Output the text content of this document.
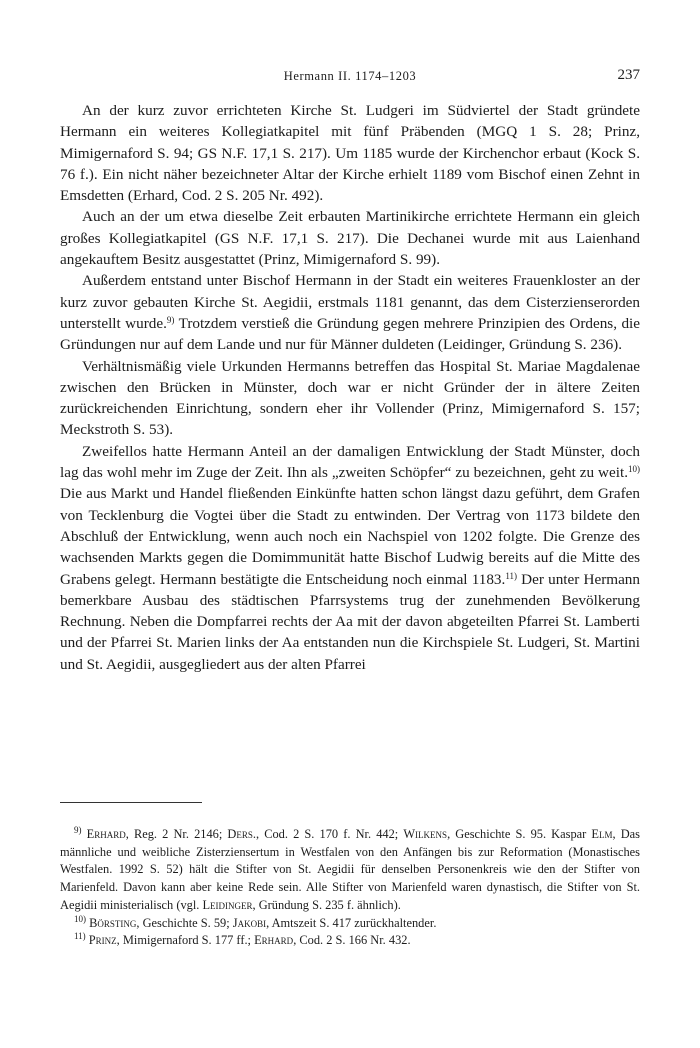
Hermann II. 1174–1203	237

An der kurz zuvor errichteten Kirche St. Ludgeri im Südviertel der Stadt gründete Hermann ein weiteres Kollegiatkapitel mit fünf Präbenden (MGQ 1 S. 28; Prinz, Mimigernaford S. 94; GS N.F. 17,1 S. 217). Um 1185 wurde der Kirchenchor erbaut (Kock S. 76 f.). Ein nicht näher bezeichneter Altar der Kirche erhielt 1189 vom Bischof einen Zehnt in Emsdetten (Erhard, Cod. 2 S. 205 Nr. 492).

Auch an der um etwa dieselbe Zeit erbauten Martinikirche errichtete Hermann ein gleich großes Kollegiatkapitel (GS N.F. 17,1 S. 217). Die Dechanei wurde mit aus Laienhand angekauftem Besitz ausgestattet (Prinz, Mimigernaford S. 99).

Außerdem entstand unter Bischof Hermann in der Stadt ein weiteres Frauenkloster an der kurz zuvor gebauten Kirche St. Aegidii, erstmals 1181 genannt, das dem Cisterzienserorden unterstellt wurde.$^{9)}$ Trotzdem verstieß die Gründung gegen mehrere Prinzipien des Ordens, die Gründungen nur auf dem Lande und nur für Männer duldeten (Leidinger, Gründung S. 236).

Verhältnismäßig viele Urkunden Hermanns betreffen das Hospital St. Mariae Magdalenae zwischen den Brücken in Münster, doch war er nicht Gründer der in ältere Zeiten zurückreichenden Einrichtung, sondern eher ihr Vollender (Prinz, Mimigernaford S. 157; Meckstroth S. 53).

Zweifellos hatte Hermann Anteil an der damaligen Entwicklung der Stadt Münster, doch lag das wohl mehr im Zuge der Zeit. Ihn als „zweiten Schöpfer“ zu bezeichnen, geht zu weit.$^{10)}$ Die aus Markt und Handel fließenden Einkünfte hatten schon längst dazu geführt, dem Grafen von Tecklenburg die Vogtei über die Stadt zu entwinden. Der Vertrag von 1173 bildete den Abschluß der Entwicklung, wenn auch noch ein Nachspiel von 1202 folgte. Die Grenze des wachsenden Markts gegen die Domimmunität hatte Bischof Ludwig bereits auf die Mitte des Grabens gelegt. Hermann bestätigte die Entscheidung noch einmal 1183.$^{11)}$ Der unter Hermann bemerkbare Ausbau des städtischen Pfarrsystems trug der zunehmenden Bevölkerung Rechnung. Neben die Dompfarrei rechts der Aa mit der davon abgeteilten Pfarrei St. Lamberti und der Pfarrei St. Marien links der Aa entstanden nun die Kirchspiele St. Ludgeri, St. Martini und St. Aegidii, ausgegliedert aus der alten Pfarrei

$^{9)}$ Erhard, Reg. 2 Nr. 2146; Ders., Cod. 2 S. 170 f. Nr. 442; Wilkens, Geschichte S. 95. Kaspar Elm, Das männliche und weibliche Zisterziensertum in Westfalen von den Anfängen bis zur Reformation (Monastisches Westfalen. 1992 S. 52) hält die Stifter von St. Aegidii für denselben Personenkreis wie den der Stifter von Marienfeld. Davon kann aber keine Rede sein. Alle Stifter von Marienfeld waren dynastisch, die Stifter von St. Aegidii ministerialisch (vgl. Leidinger, Gründung S. 235 f. ähnlich).

$^{10)}$ Börsting, Geschichte S. 59; Jakobi, Amtszeit S. 417 zurückhaltender.

$^{11)}$ Prinz, Mimigernaford S. 177 ff.; Erhard, Cod. 2 S. 166 Nr. 432.
